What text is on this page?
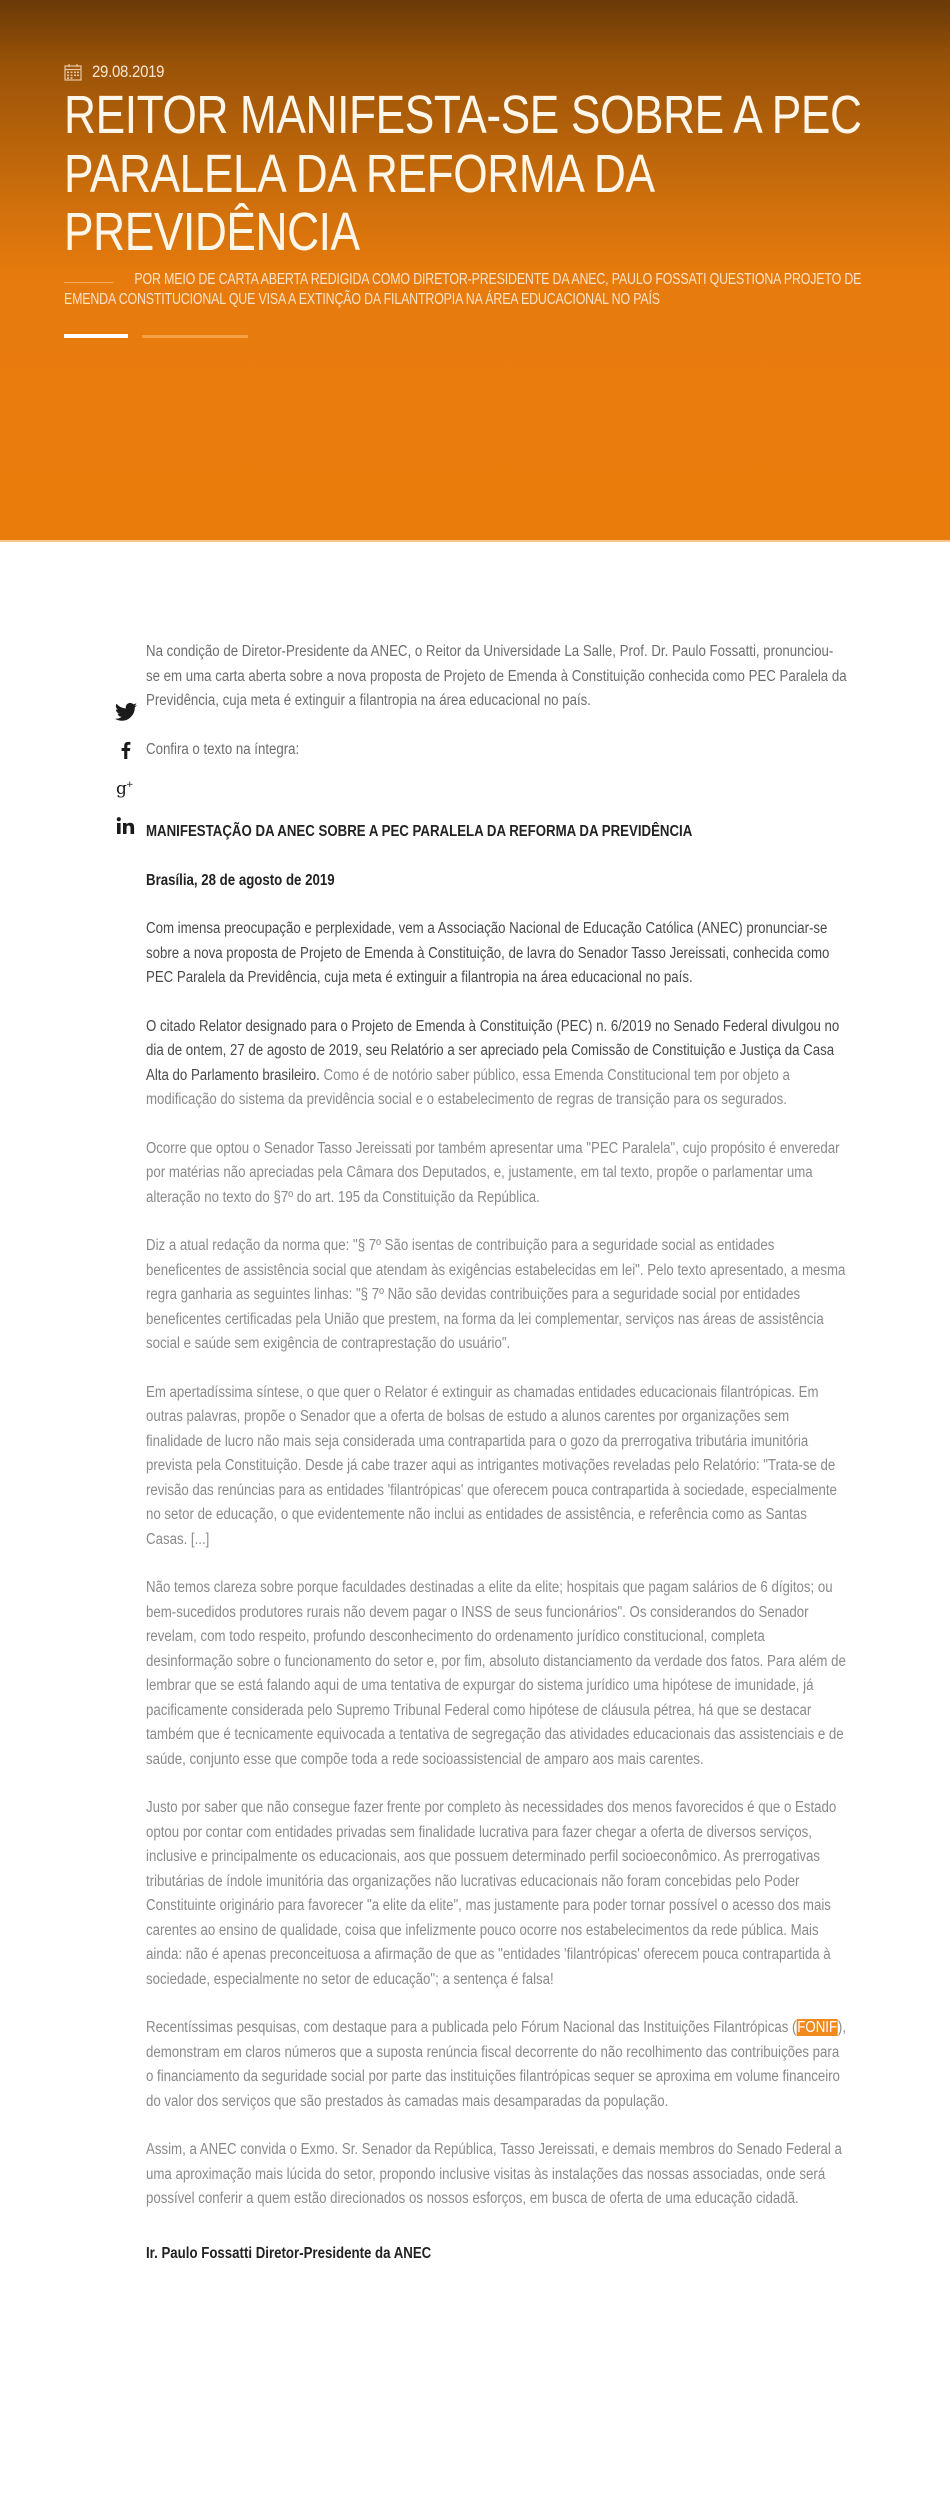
29.08.2019
REITOR MANIFESTA-SE SOBRE A PEC
PARALELA DA REFORMA DA
PREVIDÊNCIA

POR MEIO DE CARTA ABERTA REDIGIDA COMO DIRETOR-PRESIDENTE DA ANEC, PAULO FOSSATI QUESTIONA PROJETO DE EMENDA CONSTITUCIONAL QUE VISA A EXTINÇÃO DA FILANTROPIA NA ÁREA EDUCACIONAL NO PAÍS

g +

Na condição de Diretor-Presidente da ANEC, o Reitor da Universidade La Salle, Prof. Dr. Paulo Fossatti, pronunciou-se em uma carta aberta sobre a nova proposta de Projeto de Emenda à Constituição conhecida como PEC Paralela da Previdência, cuja meta é extinguir a filantropia na área educacional no país.

Confira o texto na íntegra:

MANIFESTAÇÃO DA ANEC SOBRE A PEC PARALELA DA REFORMA DA PREVIDÊNCIA

Brasília, 28 de agosto de 2019

Com imensa preocupação e perplexidade, vem a Associação Nacional de Educação Católica (ANEC) pronunciar-se sobre a nova proposta de Projeto de Emenda à Constituição, de lavra do Senador Tasso Jereissati, conhecida como PEC Paralela da Previdência, cuja meta é extinguir a filantropia na área educacional no país.

O citado Relator designado para o Projeto de Emenda à Constituição (PEC) n. 6/2019 no Senado Federal divulgou no dia de ontem, 27 de agosto de 2019, seu Relatório a ser apreciado pela Comissão de Constituição e Justiça da Casa Alta do Parlamento brasileiro. Como é de notório saber público, essa Emenda Constitucional tem por objeto a modificação do sistema da previdência social e o estabelecimento de regras de transição para os segurados.

Ocorre que optou o Senador Tasso Jereissati por também apresentar uma "PEC Paralela", cujo propósito é enveredar por matérias não apreciadas pela Câmara dos Deputados, e, justamente, em tal texto, propõe o parlamentar uma alteração no texto do §7º do art. 195 da Constituição da República.

Diz a atual redação da norma que: "§ 7º São isentas de contribuição para a seguridade social as entidades beneficentes de assistência social que atendam às exigências estabelecidas em lei". Pelo texto apresentado, a mesma regra ganharia as seguintes linhas: "§ 7º Não são devidas contribuições para a seguridade social por entidades beneficentes certificadas pela União que prestem, na forma da lei complementar, serviços nas áreas de assistência social e saúde sem exigência de contraprestação do usuário".

Em apertadíssima síntese, o que quer o Relator é extinguir as chamadas entidades educacionais filantrópicas. Em outras palavras, propõe o Senador que a oferta de bolsas de estudo a alunos carentes por organizações sem finalidade de lucro não mais seja considerada uma contrapartida para o gozo da prerrogativa tributária imunitória prevista pela Constituição. Desde já cabe trazer aqui as intrigantes motivações reveladas pelo Relatório: "Trata-se de revisão das renúncias para as entidades 'filantrópicas' que oferecem pouca contrapartida à sociedade, especialmente no setor de educação, o que evidentemente não inclui as entidades de assistência, e referência como as Santas Casas. [...]

Não temos clareza sobre porque faculdades destinadas a elite da elite; hospitais que pagam salários de 6 dígitos; ou bem-sucedidos produtores rurais não devem pagar o INSS de seus funcionários". Os considerandos do Senador revelam, com todo respeito, profundo desconhecimento do ordenamento jurídico constitucional, completa desinformação sobre o funcionamento do setor e, por fim, absoluto distanciamento da verdade dos fatos. Para além de lembrar que se está falando aqui de uma tentativa de expurgar do sistema jurídico uma hipótese de imunidade, já pacificamente considerada pelo Supremo Tribunal Federal como hipótese de cláusula pétrea, há que se destacar também que é tecnicamente equivocada a tentativa de segregação das atividades educacionais das assistenciais e de saúde, conjunto esse que compõe toda a rede socioassistencial de amparo aos mais carentes.

Justo por saber que não consegue fazer frente por completo às necessidades dos menos favorecidos é que o Estado optou por contar com entidades privadas sem finalidade lucrativa para fazer chegar a oferta de diversos serviços, inclusive e principalmente os educacionais, aos que possuem determinado perfil socioeconômico. As prerrogativas tributárias de índole imunitória das organizações não lucrativas educacionais não foram concebidas pelo Poder Constituinte originário para favorecer "a elite da elite", mas justamente para poder tornar possível o acesso dos mais carentes ao ensino de qualidade, coisa que infelizmente pouco ocorre nos estabelecimentos da rede pública. Mais ainda: não é apenas preconceituosa a afirmação de que as "entidades 'filantrópicas' oferecem pouca contrapartida à sociedade, especialmente no setor de educação"; a sentença é falsa!

Recentíssimas pesquisas, com destaque para a publicada pelo Fórum Nacional das Instituições Filantrópicas (FONIF), demonstram em claros números que a suposta renúncia fiscal decorrente do não recolhimento das contribuições para o financiamento da seguridade social por parte das instituições filantrópicas sequer se aproxima em volume financeiro do valor dos serviços que são prestados às camadas mais desamparadas da população.

Assim, a ANEC convida o Exmo. Sr. Senador da República, Tasso Jereissati, e demais membros do Senado Federal a uma aproximação mais lúcida do setor, propondo inclusive visitas às instalações das nossas associadas, onde será possível conferir a quem estão direcionados os nossos esforços, em busca de oferta de uma educação cidadã.

Ir. Paulo Fossatti Diretor-Presidente da ANEC
